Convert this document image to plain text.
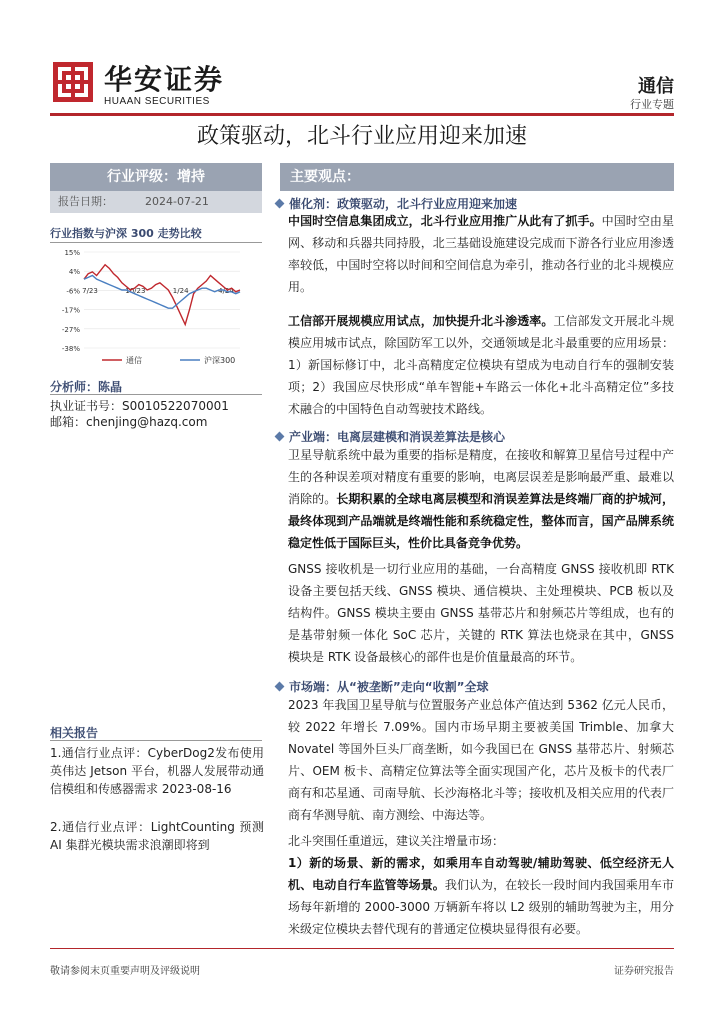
华安证券
HUAAN SECURITIES
通信
行业专题
政策驱动，北斗行业应用迎来加速
行业评级：增持
报告日期：	2024-07-21
行业指数与沪深 300 走势比较
15%
4%
-6%
-17%
-27%
-38%
7/23	10/23	1/24	4/24
通信	沪深300
分析师：陈晶
执业证书号：S0010522070001
邮箱：chenjing@hazq.com
相关报告
1.通信行业点评：CyberDog2发布使用英伟达 Jetson 平台，机器人发展带动通信模组和传感器需求 2023-08-16
2.通信行业点评：LightCounting 预测 AI 集群光模块需求浪潮即将到
主要观点：
催化剂：政策驱动，北斗行业应用迎来加速
中国时空信息集团成立，北斗行业应用推广从此有了抓手。中国时空由星网、移动和兵器共同持股，北三基础设施建设完成而下游各行业应用渗透率较低，中国时空将以时间和空间信息为牵引，推动各行业的北斗规模应用。
工信部开展规模应用试点，加快提升北斗渗透率。工信部发文开展北斗规模应用城市试点，除国防军工以外，交通领域是北斗最重要的应用场景：1）新国标修订中，北斗高精度定位模块有望成为电动自行车的强制安装项；2）我国应尽快形成“单车智能+车路云一体化+北斗高精定位”多技术融合的中国特色自动驾驶技术路线。
产业端：电离层建模和消误差算法是核心
卫星导航系统中最为重要的指标是精度，在接收和解算卫星信号过程中产生的各种误差项对精度有重要的影响，电离层误差是影响最严重、最难以消除的。长期积累的全球电离层模型和消误差算法是终端厂商的护城河，最终体现到产品端就是终端性能和系统稳定性，整体而言，国产品牌系统稳定性低于国际巨头，性价比具备竞争优势。
GNSS 接收机是一切行业应用的基础，一台高精度 GNSS 接收机即 RTK 设备主要包括天线、GNSS 模块、通信模块、主处理模块、PCB 板以及结构件。GNSS 模块主要由 GNSS 基带芯片和射频芯片等组成，也有的是基带射频一体化 SoC 芯片，关键的 RTK 算法也烧录在其中，GNSS 模块是 RTK 设备最核心的部件也是价值量最高的环节。
市场端：从“被垄断”走向“收割”全球
2023 年我国卫星导航与位置服务产业总体产值达到 5362 亿元人民币，较 2022 年增长 7.09%。国内市场早期主要被美国 Trimble、加拿大 Novatel 等国外巨头厂商垄断，如今我国已在 GNSS 基带芯片、射频芯片、OEM 板卡、高精定位算法等全面实现国产化，芯片及板卡的代表厂商有和芯星通、司南导航、长沙海格北斗等；接收机及相关应用的代表厂商有华测导航、南方测绘、中海达等。
北斗突围任重道远，建议关注增量市场：
1）新的场景、新的需求，如乘用车自动驾驶/辅助驾驶、低空经济无人机、电动自行车监管等场景。我们认为，在较长一段时间内我国乘用车市场每年新增的 2000-3000 万辆新车将以 L2 级别的辅助驾驶为主，用分米级定位模块去替代现有的普通定位模块显得很有必要。
敬请参阅末页重要声明及评级说明	证券研究报告
